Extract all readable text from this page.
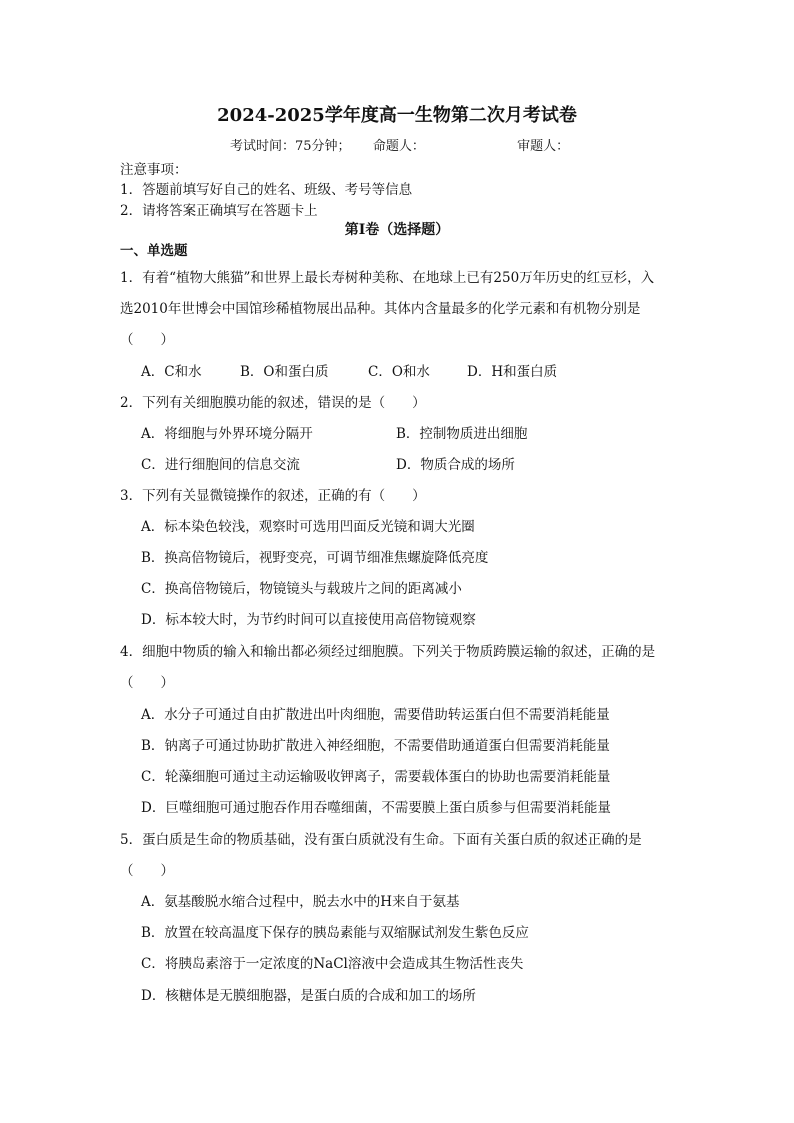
2024-2025学年度高一生物第二次月考试卷
考试时间：75分钟； 命题人：	审题人：
注意事项：
1．答题前填写好自己的姓名、班级、考号等信息
2．请将答案正确填写在答题卡上
第I卷（选择题）
一、单选题
1．有着“植物大熊猫”和世界上最长寿树种美称、在地球上已有250万年历史的红豆杉，入
选2010年世博会中国馆珍稀植物展出品种。其体内含量最多的化学元素和有机物分别是
（　　）
A．C和水	B．O和蛋白质	C．O和水	D．H和蛋白质
2．下列有关细胞膜功能的叙述，错误的是（　　）
A．将细胞与外界环境分隔开	B．控制物质进出细胞
C．进行细胞间的信息交流	D．物质合成的场所
3．下列有关显微镜操作的叙述，正确的有（　　）
A．标本染色较浅，观察时可选用凹面反光镜和调大光圈
B．换高倍物镜后，视野变亮，可调节细准焦螺旋降低亮度
C．换高倍物镜后，物镜镜头与载玻片之间的距离减小
D．标本较大时，为节约时间可以直接使用高倍物镜观察
4．细胞中物质的输入和输出都必须经过细胞膜。下列关于物质跨膜运输的叙述，正确的是
（　　）
A．水分子可通过自由扩散进出叶肉细胞，需要借助转运蛋白但不需要消耗能量
B．钠离子可通过协助扩散进入神经细胞，不需要借助通道蛋白但需要消耗能量
C．轮藻细胞可通过主动运输吸收钾离子，需要载体蛋白的协助也需要消耗能量
D．巨噬细胞可通过胞吞作用吞噬细菌，不需要膜上蛋白质参与但需要消耗能量
5．蛋白质是生命的物质基础，没有蛋白质就没有生命。下面有关蛋白质的叙述正确的是
（　　）
A．氨基酸脱水缩合过程中，脱去水中的H来自于氨基
B．放置在较高温度下保存的胰岛素能与双缩脲试剂发生紫色反应
C．将胰岛素溶于一定浓度的NaCl溶液中会造成其生物活性丧失
D．核糖体是无膜细胞器，是蛋白质的合成和加工的场所
